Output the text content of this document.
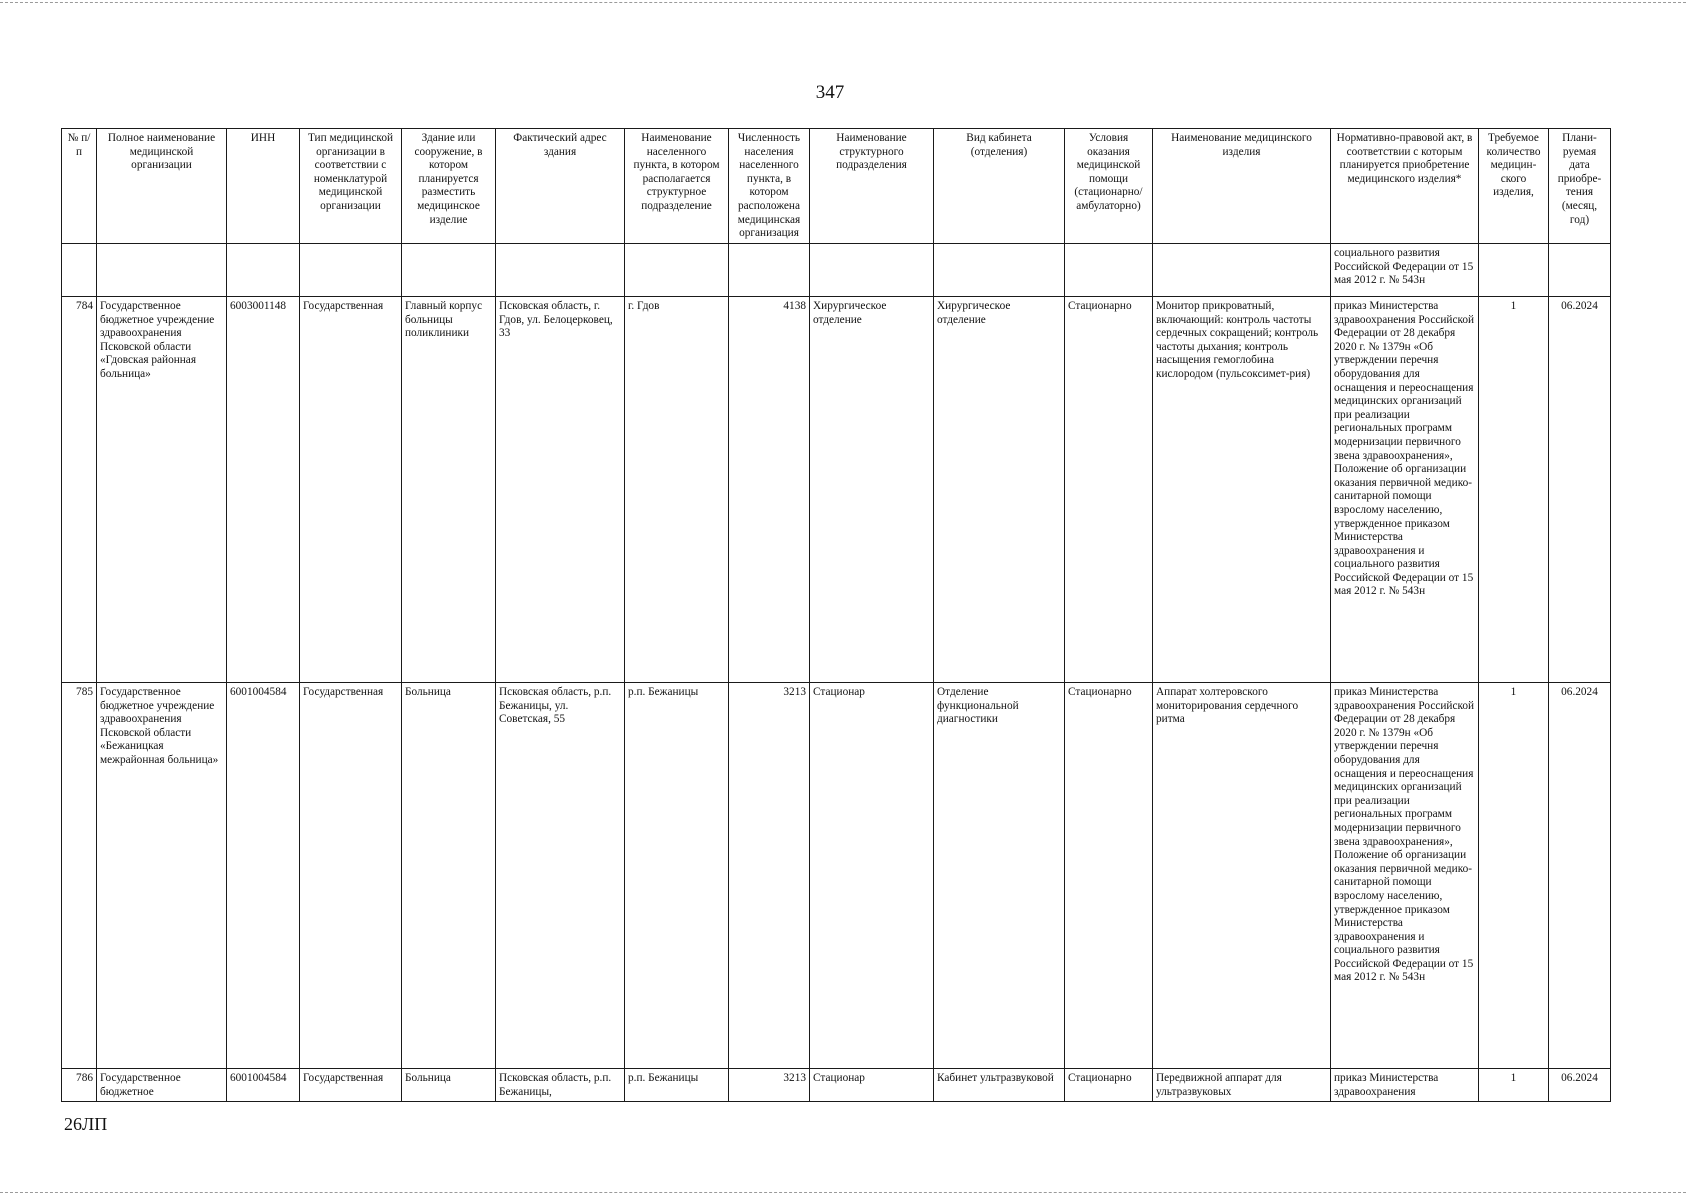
347
№ п/п	Полное наименование медицинской организации	ИНН	Тип медицинской организации в соответствии с номенклатурой медицинской организации	Здание или сооружение, в котором планируется разместить медицинское изделие	Фактический адрес здания	Наименование населенного пункта, в котором располагается структурное подразделение	Численность населения населенного пункта, в котором расположена медицинская организация	Наименование структурного подразделения	Вид кабинета (отделения)	Условия оказания медицинской помощи (стационарно/ амбулаторно)	Наименование медицинского изделия	Нормативно-правовой акт, в соответствии с которым планируется приобретение медицинского изделия*	Требуемое количество медицин-ского изделия,	Плани-руемая дата приобре-тения (месяц, год)
												социального развития Российской Федерации от 15 мая 2012 г. № 543н		
784	Государственное бюджетное учреждение здравоохранения Псковской области «Гдовская районная больница»	6003001148	Государственная	Главный корпус больницы поликлиники	Псковская область, г. Гдов, ул. Белоцерковец, 33	г. Гдов	4138	Хирургическое отделение	Хирургическое отделение	Стационарно	Монитор прикроватный, включающий: контроль частоты сердечных сокращений; контроль частоты дыхания; контроль насыщения гемоглобина кислородом (пульсоксимет-рия)	приказ Министерства здравоохранения Российской Федерации от 28 декабря 2020 г. № 1379н «Об утверждении перечня оборудования для оснащения и переоснащения медицинских организаций при реализации региональных программ модернизации первичного звена здравоохранения», Положение об организации оказания первичной медико-санитарной помощи взрослому населению, утвержденное приказом Министерства здравоохранения и социального развития Российской Федерации от 15 мая 2012 г. № 543н	1	06.2024
785	Государственное бюджетное учреждение здравоохранения Псковской области «Бежаницкая межрайонная больница»	6001004584	Государственная	Больница	Псковская область, р.п. Бежаницы, ул. Советская, 55	р.п. Бежаницы	3213	Стационар	Отделение функциональной диагностики	Стационарно	Аппарат холтеровского мониторирования сердечного ритма	приказ Министерства здравоохранения Российской Федерации от 28 декабря 2020 г. № 1379н «Об утверждении перечня оборудования для оснащения и переоснащения медицинских организаций при реализации региональных программ модернизации первичного звена здравоохранения», Положение об организации оказания первичной медико-санитарной помощи взрослому населению, утвержденное приказом Министерства здравоохранения и социального развития Российской Федерации от 15 мая 2012 г. № 543н	1	06.2024
786	Государственное бюджетное	6001004584	Государственная	Больница	Псковская область, р.п. Бежаницы,	р.п. Бежаницы	3213	Стационар	Кабинет ультразвуковой	Стационарно	Передвижной аппарат для ультразвуковых	приказ Министерства здравоохранения	1	06.2024
26ЛП
